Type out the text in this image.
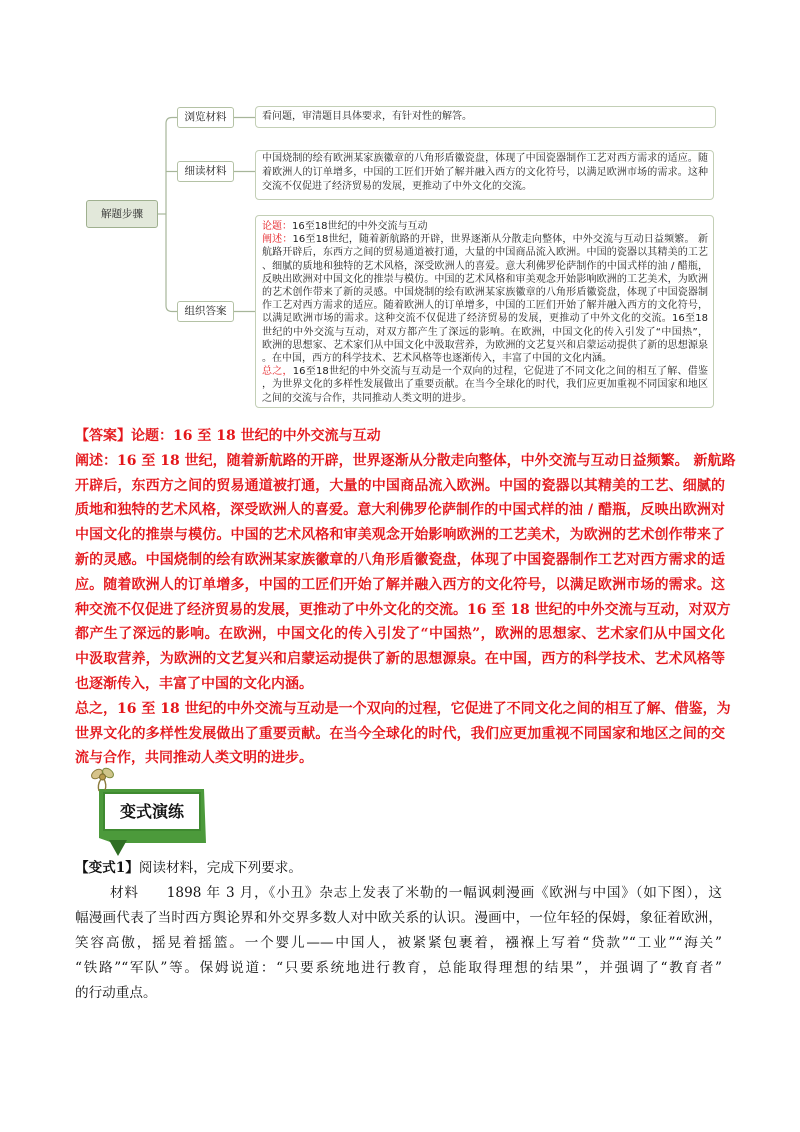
解题步骤
浏览材料
细读材料
组织答案
看问题，审清题目具体要求，有针对性的解答。
中国烧制的绘有欧洲某家族徽章的八角形盾徽瓷盘，体现了中国瓷器制作工艺对西方需求的适应。随
着欧洲人的订单增多，中国的工匠们开始了解并融入西方的文化符号，以满足欧洲市场的需求。这种
交流不仅促进了经济贸易的发展，更推动了中外文化的交流。
论题：16至18世纪的中外交流与互动
阐述：16至18世纪，随着新航路的开辟，世界逐渐从分散走向整体，中外交流与互动日益频繁。 新
航路开辟后，东西方之间的贸易通道被打通，大量的中国商品流入欧洲。中国的瓷器以其精美的工艺
、细腻的质地和独特的艺术风格，深受欧洲人的喜爱。意大利佛罗伦萨制作的中国式样的油 / 醋瓶，
反映出欧洲对中国文化的推崇与模仿。中国的艺术风格和审美观念开始影响欧洲的工艺美术，为欧洲
的艺术创作带来了新的灵感。中国烧制的绘有欧洲某家族徽章的八角形盾徽瓷盘，体现了中国瓷器制
作工艺对西方需求的适应。随着欧洲人的订单增多，中国的工匠们开始了解并融入西方的文化符号，
以满足欧洲市场的需求。这种交流不仅促进了经济贸易的发展，更推动了中外文化的交流。16至18
世纪的中外交流与互动，对双方都产生了深远的影响。在欧洲，中国文化的传入引发了“中国热”，
欧洲的思想家、艺术家们从中国文化中汲取营养，为欧洲的文艺复兴和启蒙运动提供了新的思想源泉
。在中国，西方的科学技术、艺术风格等也逐渐传入，丰富了中国的文化内涵。
总之，16至18世纪的中外交流与互动是一个双向的过程，它促进了不同文化之间的相互了解、借鉴
，为世界文化的多样性发展做出了重要贡献。在当今全球化的时代，我们应更加重视不同国家和地区
之间的交流与合作，共同推动人类文明的进步。
【答案】论题：16 至 18 世纪的中外交流与互动
阐述：16 至 18 世纪，随着新航路的开辟，世界逐渐从分散走向整体，中外交流与互动日益频繁。 新航路
开辟后，东西方之间的贸易通道被打通，大量的中国商品流入欧洲。中国的瓷器以其精美的工艺、细腻的
质地和独特的艺术风格，深受欧洲人的喜爱。意大利佛罗伦萨制作的中国式样的油 / 醋瓶，反映出欧洲对
中国文化的推崇与模仿。中国的艺术风格和审美观念开始影响欧洲的工艺美术，为欧洲的艺术创作带来了
新的灵感。中国烧制的绘有欧洲某家族徽章的八角形盾徽瓷盘，体现了中国瓷器制作工艺对西方需求的适
应。随着欧洲人的订单增多，中国的工匠们开始了解并融入西方的文化符号，以满足欧洲市场的需求。这
种交流不仅促进了经济贸易的发展，更推动了中外文化的交流。16 至 18 世纪的中外交流与互动，对双方
都产生了深远的影响。在欧洲，中国文化的传入引发了“中国热”，欧洲的思想家、艺术家们从中国文化
中汲取营养，为欧洲的文艺复兴和启蒙运动提供了新的思想源泉。在中国，西方的科学技术、艺术风格等
也逐渐传入，丰富了中国的文化内涵。
总之，16 至 18 世纪的中外交流与互动是一个双向的过程，它促进了不同文化之间的相互了解、借鉴，为
世界文化的多样性发展做出了重要贡献。在当今全球化的时代，我们应更加重视不同国家和地区之间的交
流与合作，共同推动人类文明的进步。
变式演练
【变式1】阅读材料，完成下列要求。
材料 1898 年 3 月，《小丑》杂志上发表了米勒的一幅讽刺漫画《欧洲与中国》（如下图），这
幅漫画代表了当时西方舆论界和外交界多数人对中欧关系的认识。漫画中，一位年轻的保姆，象征着欧洲，
笑容高傲，摇晃着摇篮。一个婴儿——中国人，被紧紧包裹着，襁褓上写着“贷款”“工业”“海关”
“铁路”“军队”等。保姆说道：“只要系统地进行教育，总能取得理想的结果”，并强调了“教育者”
的行动重点。
